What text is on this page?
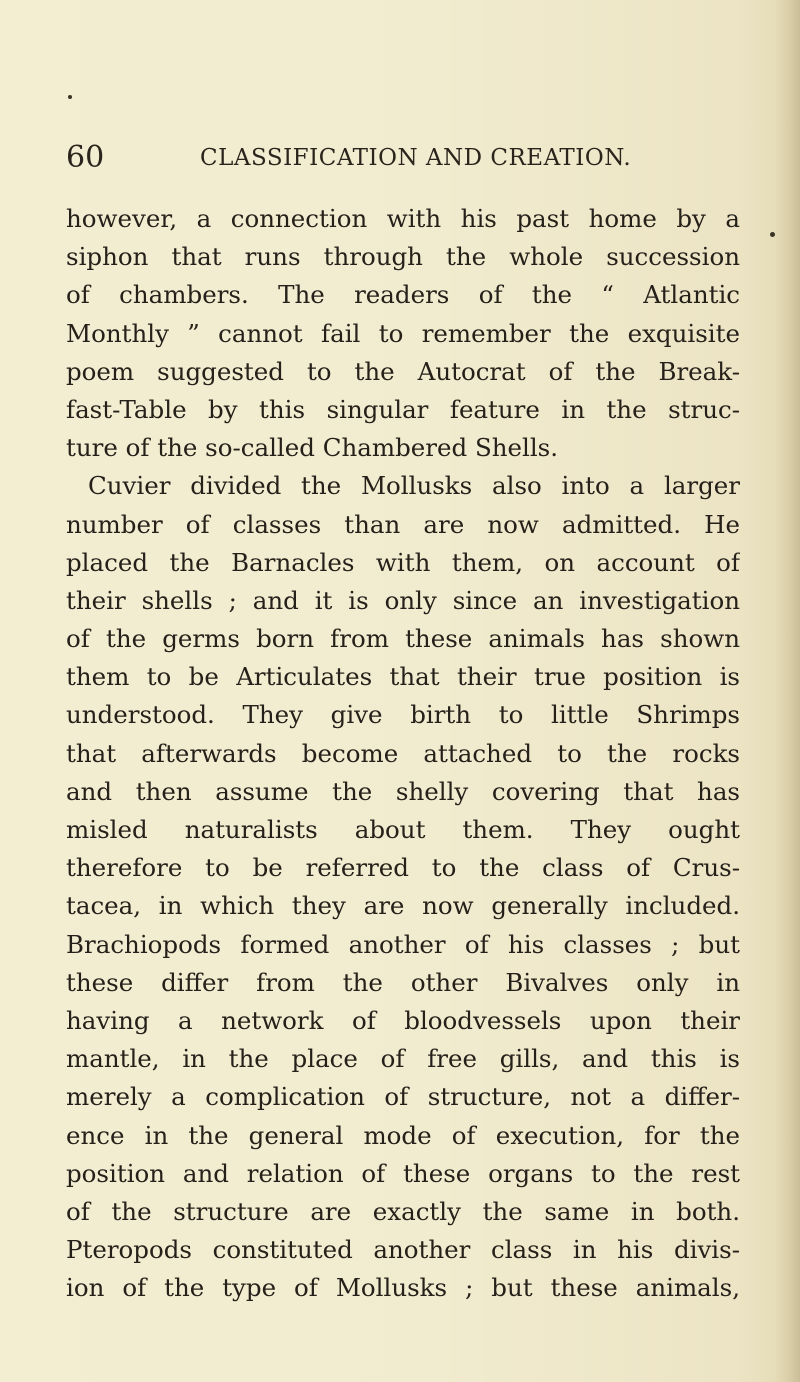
60	CLASSIFICATION AND CREATION.
however, a connection with his past home by a
siphon that runs through the whole succession
of chambers. The readers of the “ Atlantic
Monthly ” cannot fail to remember the exquisite
poem suggested to the Autocrat of the Break-
fast-Table by this singular feature in the struc-
ture of the so-called Chambered Shells.
Cuvier divided the Mollusks also into a larger
number of classes than are now admitted. He
placed the Barnacles with them, on account of
their shells ; and it is only since an investigation
of the germs born from these animals has shown
them to be Articulates that their true position is
understood. They give birth to little Shrimps
that afterwards become attached to the rocks
and then assume the shelly covering that has
misled naturalists about them. They ought
therefore to be referred to the class of Crus-
tacea, in which they are now generally included.
Brachiopods formed another of his classes ; but
these differ from the other Bivalves only in
having a network of bloodvessels upon their
mantle, in the place of free gills, and this is
merely a complication of structure, not a differ-
ence in the general mode of execution, for the
position and relation of these organs to the rest
of the structure are exactly the same in both.
Pteropods constituted another class in his divis-
ion of the type of Mollusks ; but these animals,
